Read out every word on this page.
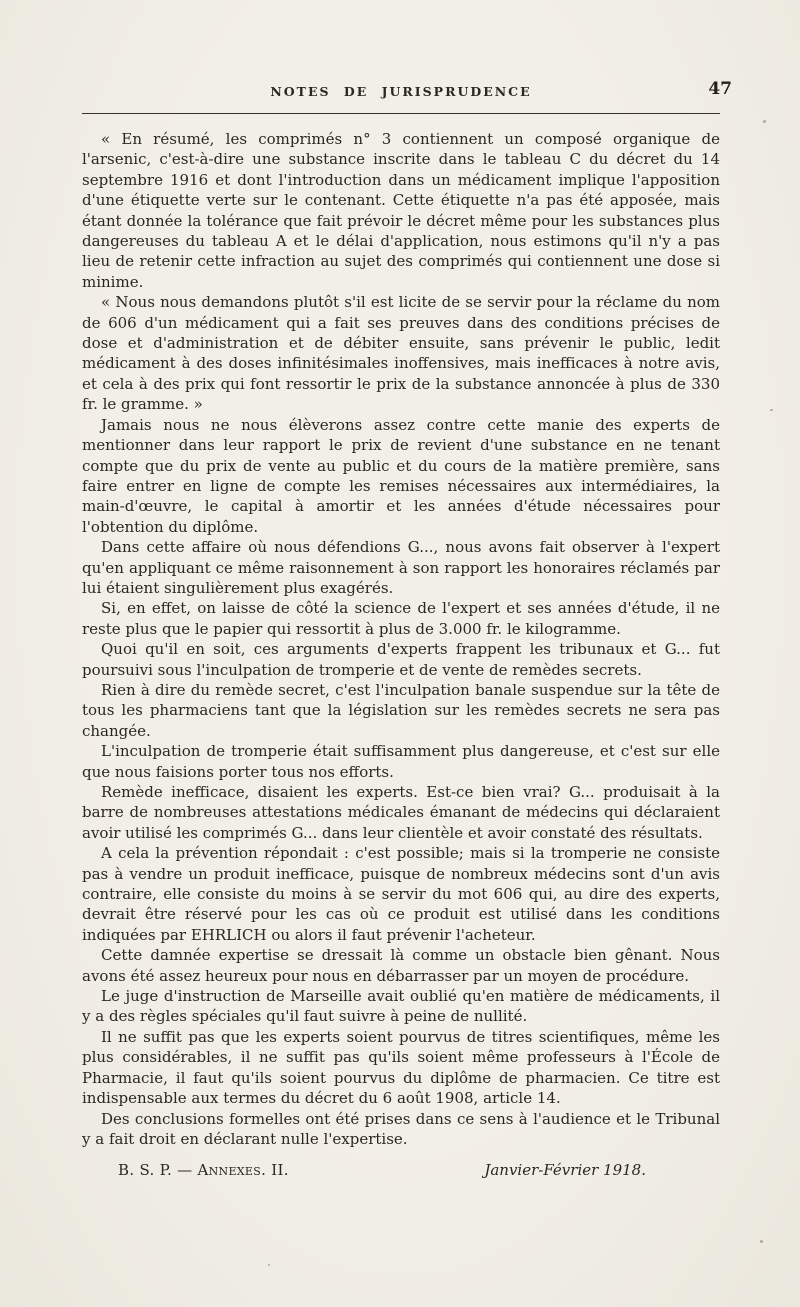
NOTES DE JURISPRUDENCE	47

« En résumé, les comprimés n° 3 contiennent un composé organique de l'arsenic, c'est-à-dire une substance inscrite dans le tableau C du décret du 14 septembre 1916 et dont l'introduction dans un médicament implique l'apposition d'une étiquette verte sur le contenant. Cette étiquette n'a pas été apposée, mais étant donnée la tolérance que fait prévoir le décret même pour les substances plus dangereuses du tableau A et le délai d'application, nous estimons qu'il n'y a pas lieu de retenir cette infraction au sujet des comprimés qui contiennent une dose si minime.

« Nous nous demandons plutôt s'il est licite de se servir pour la réclame du nom de 606 d'un médicament qui a fait ses preuves dans des conditions précises de dose et d'administration et de débiter ensuite, sans prévenir le public, ledit médicament à des doses infinitésimales inoffensives, mais inefficaces à notre avis, et cela à des prix qui font ressortir le prix de la substance annoncée à plus de 330 fr. le gramme. »

Jamais nous ne nous élèverons assez contre cette manie des experts de mentionner dans leur rapport le prix de revient d'une substance en ne tenant compte que du prix de vente au public et du cours de la matière première, sans faire entrer en ligne de compte les remises nécessaires aux intermédiaires, la main-d'œuvre, le capital à amortir et les années d'étude nécessaires pour l'obtention du diplôme.

Dans cette affaire où nous défendions G..., nous avons fait observer à l'expert qu'en appliquant ce même raisonnement à son rapport les honoraires réclamés par lui étaient singulièrement plus exagérés.

Si, en effet, on laisse de côté la science de l'expert et ses années d'étude, il ne reste plus que le papier qui ressortit à plus de 3.000 fr. le kilogramme.

Quoi qu'il en soit, ces arguments d'experts frappent les tribunaux et G... fut poursuivi sous l'inculpation de tromperie et de vente de remèdes secrets.

Rien à dire du remède secret, c'est l'inculpation banale suspendue sur la tête de tous les pharmaciens tant que la législation sur les remèdes secrets ne sera pas changée.

L'inculpation de tromperie était suffisamment plus dangereuse, et c'est sur elle que nous faisions porter tous nos efforts.

Remède inefficace, disaient les experts. Est-ce bien vrai? G... produisait à la barre de nombreuses attestations médicales émanant de médecins qui déclaraient avoir utilisé les comprimés G... dans leur clientèle et avoir constaté des résultats.

A cela la prévention répondait : c'est possible; mais si la tromperie ne consiste pas à vendre un produit inefficace, puisque de nombreux médecins sont d'un avis contraire, elle consiste du moins à se servir du mot 606 qui, au dire des experts, devrait être réservé pour les cas où ce produit est utilisé dans les conditions indiquées par EHRLICH ou alors il faut prévenir l'acheteur.

Cette damnée expertise se dressait là comme un obstacle bien gênant. Nous avons été assez heureux pour nous en débarrasser par un moyen de procédure.

Le juge d'instruction de Marseille avait oublié qu'en matière de médicaments, il y a des règles spéciales qu'il faut suivre à peine de nullité.

Il ne suffit pas que les experts soient pourvus de titres scientifiques, même les plus considérables, il ne suffit pas qu'ils soient même professeurs à l'École de Pharmacie, il faut qu'ils soient pourvus du diplôme de pharmacien. Ce titre est indispensable aux termes du décret du 6 août 1908, article 14.

Des conclusions formelles ont été prises dans ce sens à l'audience et le Tribunal y a fait droit en déclarant nulle l'expertise.

B. S. P. — Annexes. II.	Janvier-Février 1918.
